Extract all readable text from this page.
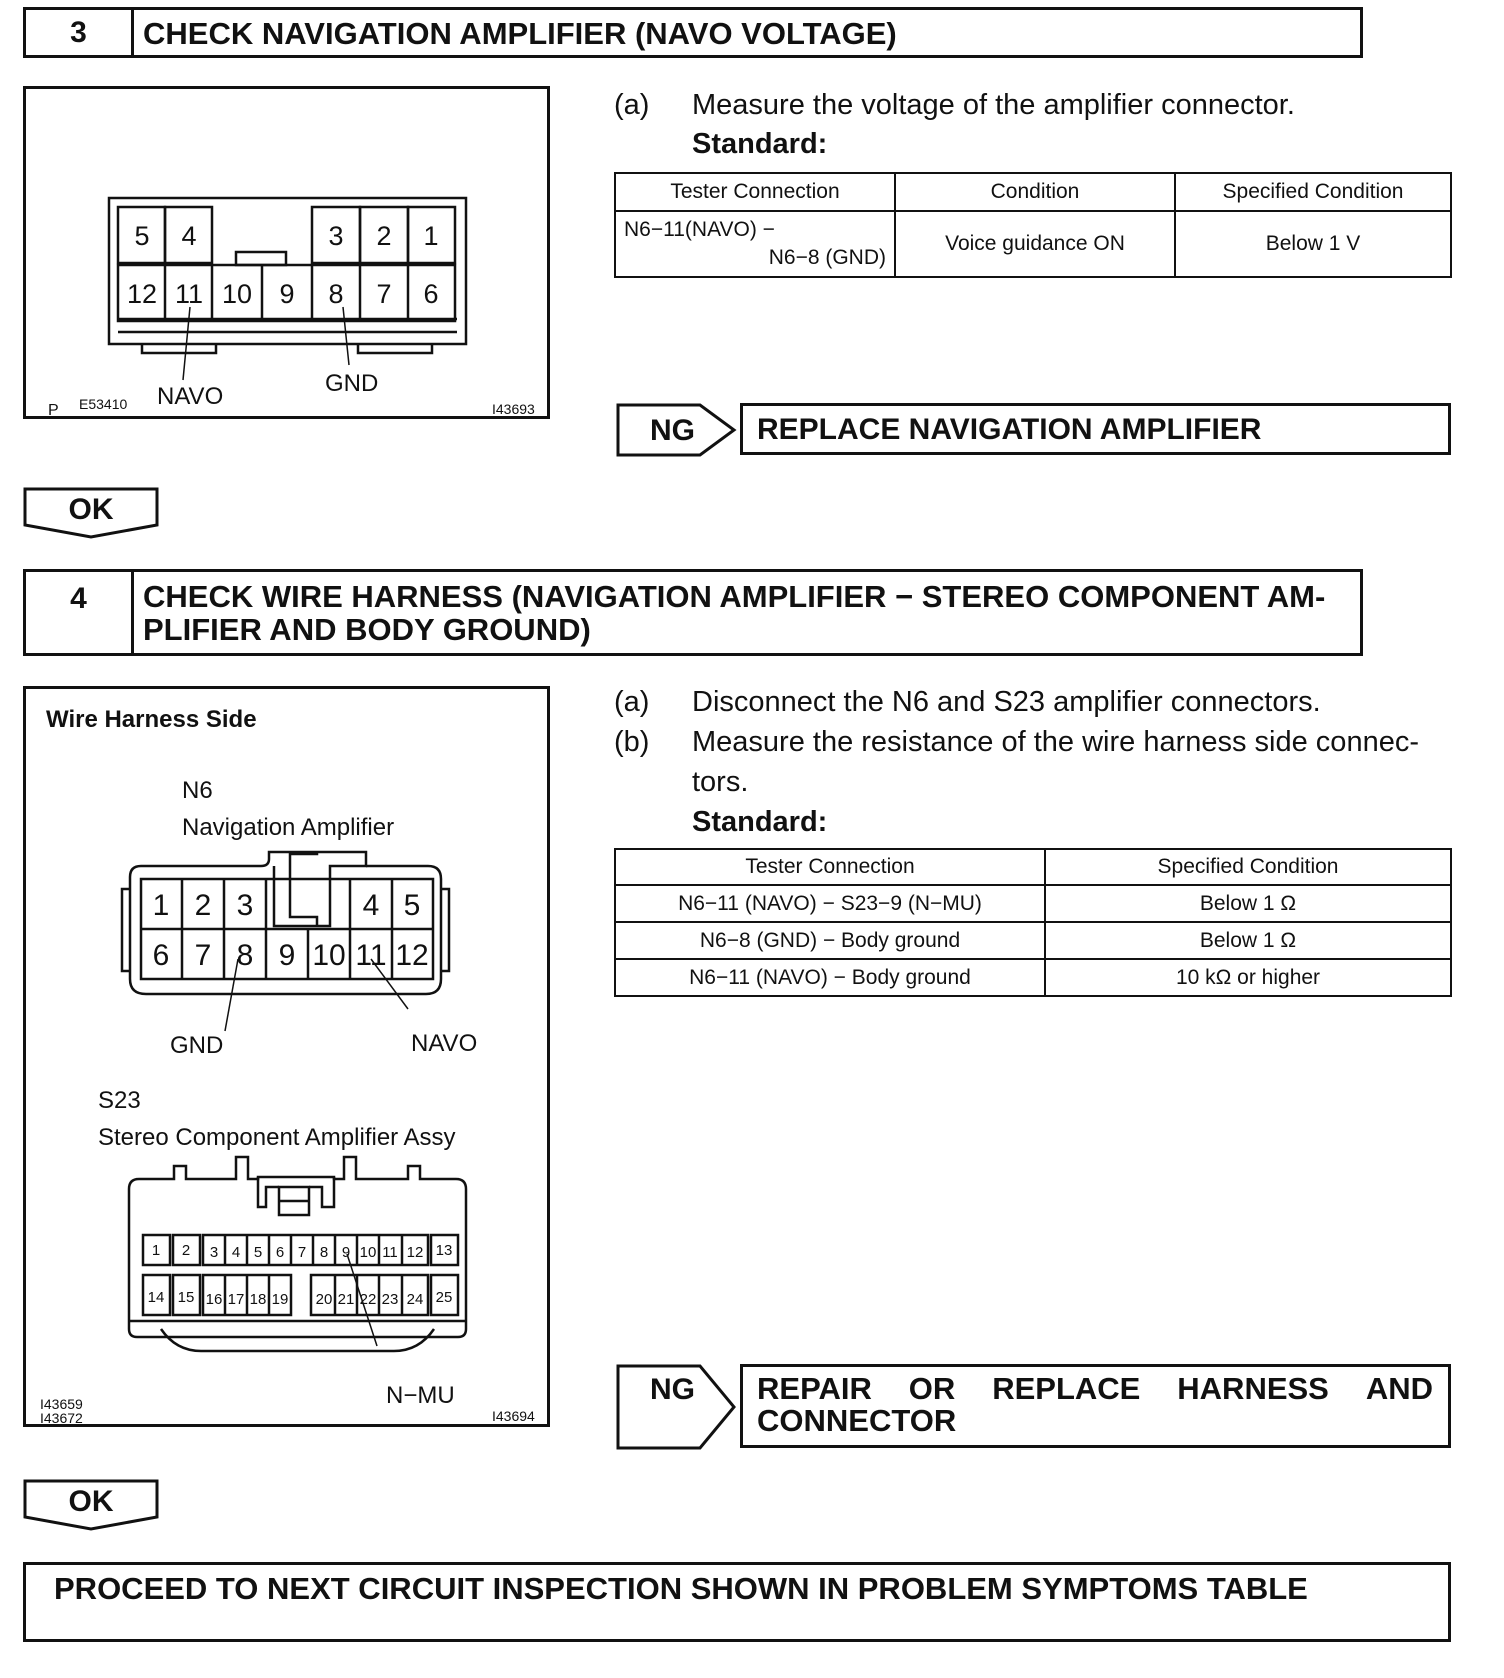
3	CHECK NAVIGATION AMPLIFIER (NAVO VOLTAGE)
5 4	3 2 1
12 11 10 9 8 7 6
NAVO	GND
P E53410	I43693
(a) Measure the voltage of the amplifier connector.
Standard:
Tester Connection	Condition	Specified Condition

N6−11(NAVO) −
N6−8 (GND)	Voice guidance ON	Below 1 V
NG REPLACE NAVIGATION AMPLIFIER
OK
4	CHECK WIRE HARNESS (NAVIGATION AMPLIFIER − STEREO COMPONENT AM-
PLIFIER AND BODY GROUND)
Wire Harness Side
N6
Navigation Amplifier
1 2 3	4 5
6 7 8 9 10 11 12
GND	NAVO
S23
Stereo Component Amplifier Assy
1 2 3 4 5 6 7 8 9 10 11 12 13
14 15 16 17 18 19 20 21 22 23 24 25
N−MU
I43659
I43672	I43694
(a) Disconnect the N6 and S23 amplifier connectors.
(b) Measure the resistance of the wire harness side connec-
tors.
Standard:
Tester Connection	Specified Condition
N6−11 (NAVO) − S23−9 (N−MU)	Below 1 Ω
N6−8 (GND) − Body ground	Below 1 Ω
N6−11 (NAVO) − Body ground	10 kΩ or higher
NG REPAIR OR REPLACE HARNESS AND
CONNECTOR
OK
PROCEED TO NEXT CIRCUIT INSPECTION SHOWN IN PROBLEM SYMPTOMS TABLE
